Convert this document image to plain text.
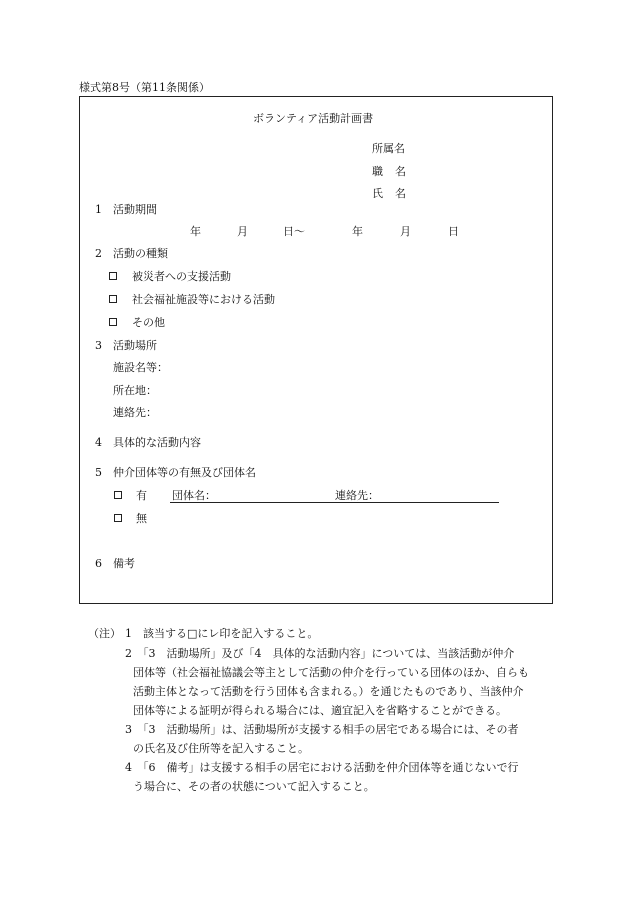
様式第8号（第11条関係）
ボランティア活動計画書
所属名
職 名
氏 名
1　活動期間
年	月	日～	年	月	日
2　活動の種類
被災者への支援活動
社会福祉施設等における活動
その他
3　活動場所
施設名等：
所在地：
連絡先：
4　具体的な活動内容
5　仲介団体等の有無及び団体名
有 団体名：	連絡先：
無
6　備考
（注） 1　該当する□にレ印を記入すること。
2　「3　活動場所」及び「4　具体的な活動内容」については、当該活動が仲介
団体等（社会福祉協議会等主として活動の仲介を行っている団体のほか、自らも
活動主体となって活動を行う団体も含まれる。）を通じたものであり、当該仲介
団体等による証明が得られる場合には、適宜記入を省略することができる。
3　「3　活動場所」は、活動場所が支援する相手の居宅である場合には、その者
の氏名及び住所等を記入すること。
4　「6　備考」は支援する相手の居宅における活動を仲介団体等を通じないで行
う場合に、その者の状態について記入すること。
